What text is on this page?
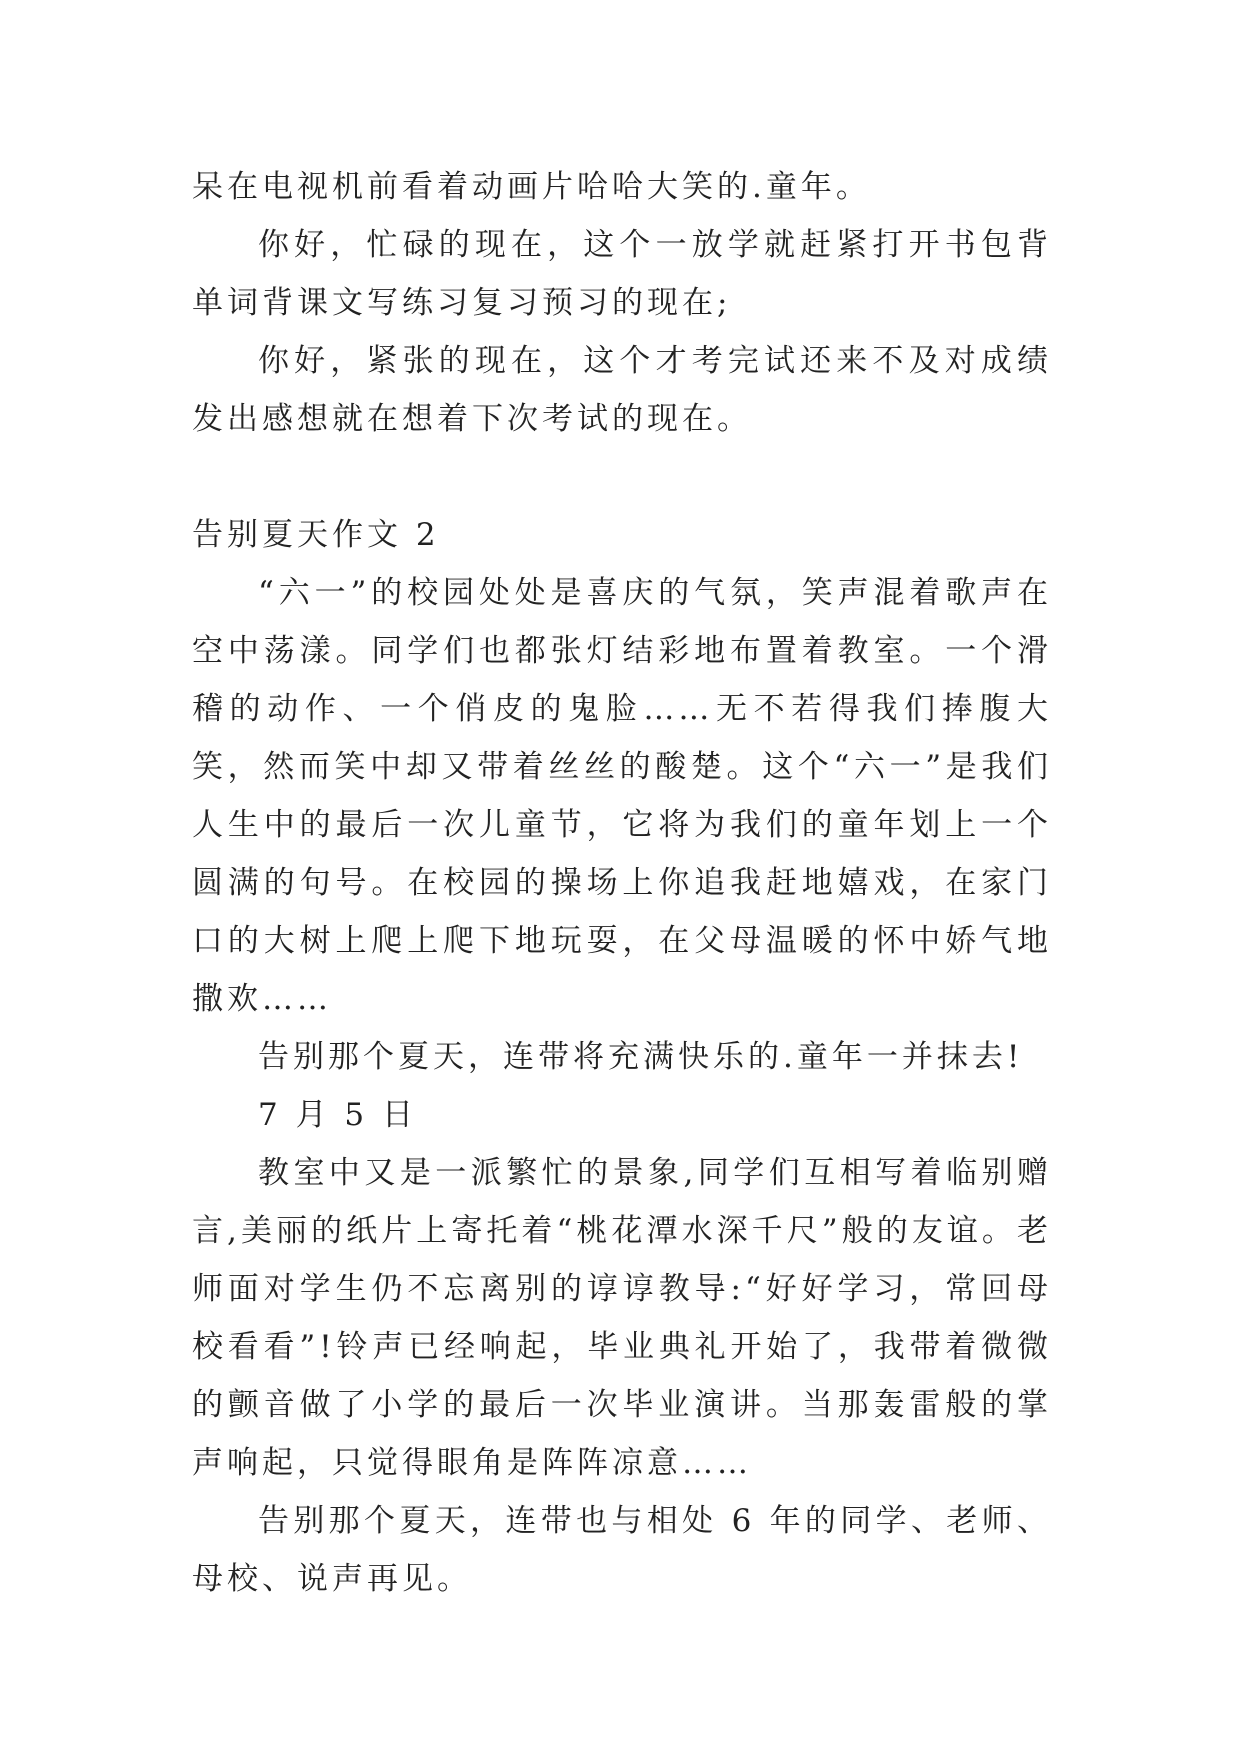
呆在电视机前看着动画片哈哈大笑的.童年。

你好，忙碌的现在，这个一放学就赶紧打开书包背单词背课文写练习复习预习的现在;

你好，紧张的现在，这个才考完试还来不及对成绩发出感想就在想着下次考试的现在。

告别夏天作文 2

“六一”的校园处处是喜庆的气氛，笑声混着歌声在空中荡漾。同学们也都张灯结彩地布置着教室。一个滑稽的动作、一个俏皮的鬼脸……无不若得我们捧腹大笑，然而笑中却又带着丝丝的酸楚。这个“六一”是我们人生中的最后一次儿童节，它将为我们的童年划上一个圆满的句号。在校园的操场上你追我赶地嬉戏，在家门口的大树上爬上爬下地玩耍，在父母温暖的怀中娇气地撒欢……

告别那个夏天，连带将充满快乐的.童年一并抹去!

7 月 5 日

教室中又是一派繁忙的景象,同学们互相写着临别赠言,美丽的纸片上寄托着“桃花潭水深千尺”般的友谊。老师面对学生仍不忘离别的谆谆教导:“好好学习，常回母校看看”!铃声已经响起，毕业典礼开始了，我带着微微的颤音做了小学的最后一次毕业演讲。当那轰雷般的掌声响起，只觉得眼角是阵阵凉意……

告别那个夏天，连带也与相处 6 年的同学、老师、母校、说声再见。
